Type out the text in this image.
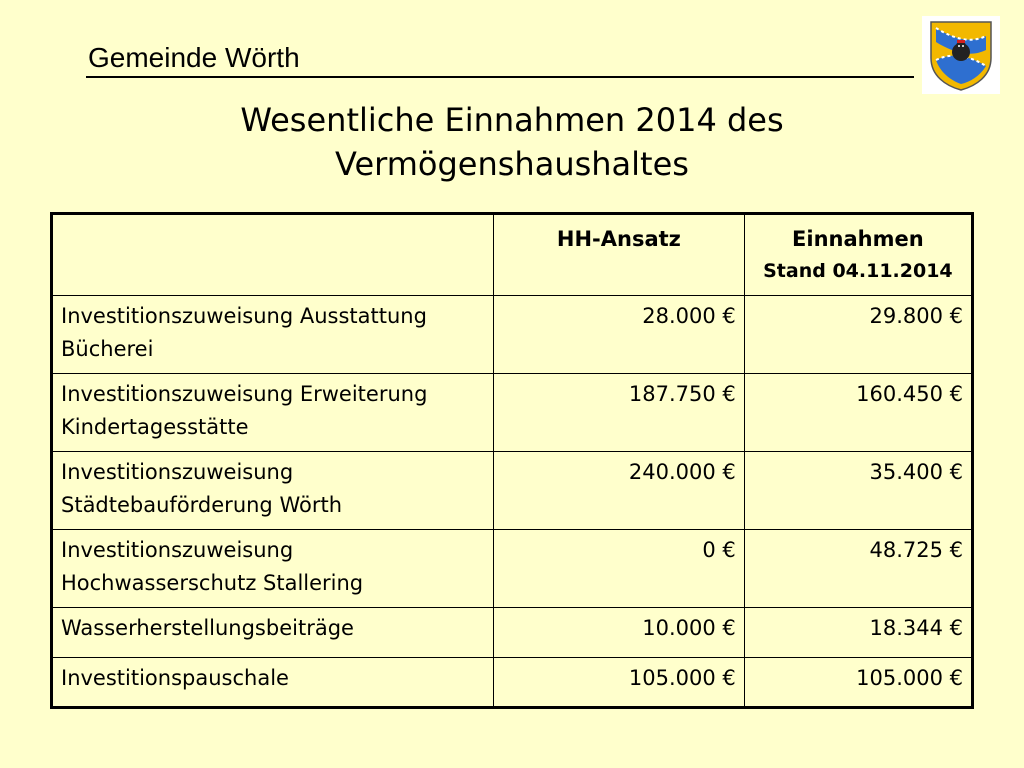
Gemeinde Wörth
Wesentliche Einnahmen 2014 des
Vermögenshaushaltes
	HH-Ansatz	Einnahmen
Stand 04.11.2014

Investitionszuweisung Ausstattung
Bücherei	28.000 €	29.800 €
Investitionszuweisung Erweiterung
Kindertagesstätte	187.750 €	160.450 €
Investitionszuweisung
Städtebauförderung Wörth	240.000 €	35.400 €
Investitionszuweisung
Hochwasserschutz Stallering	0 €	48.725 €
Wasserherstellungsbeiträge	10.000 €	18.344 €
Investitionspauschale	105.000 €	105.000 €
